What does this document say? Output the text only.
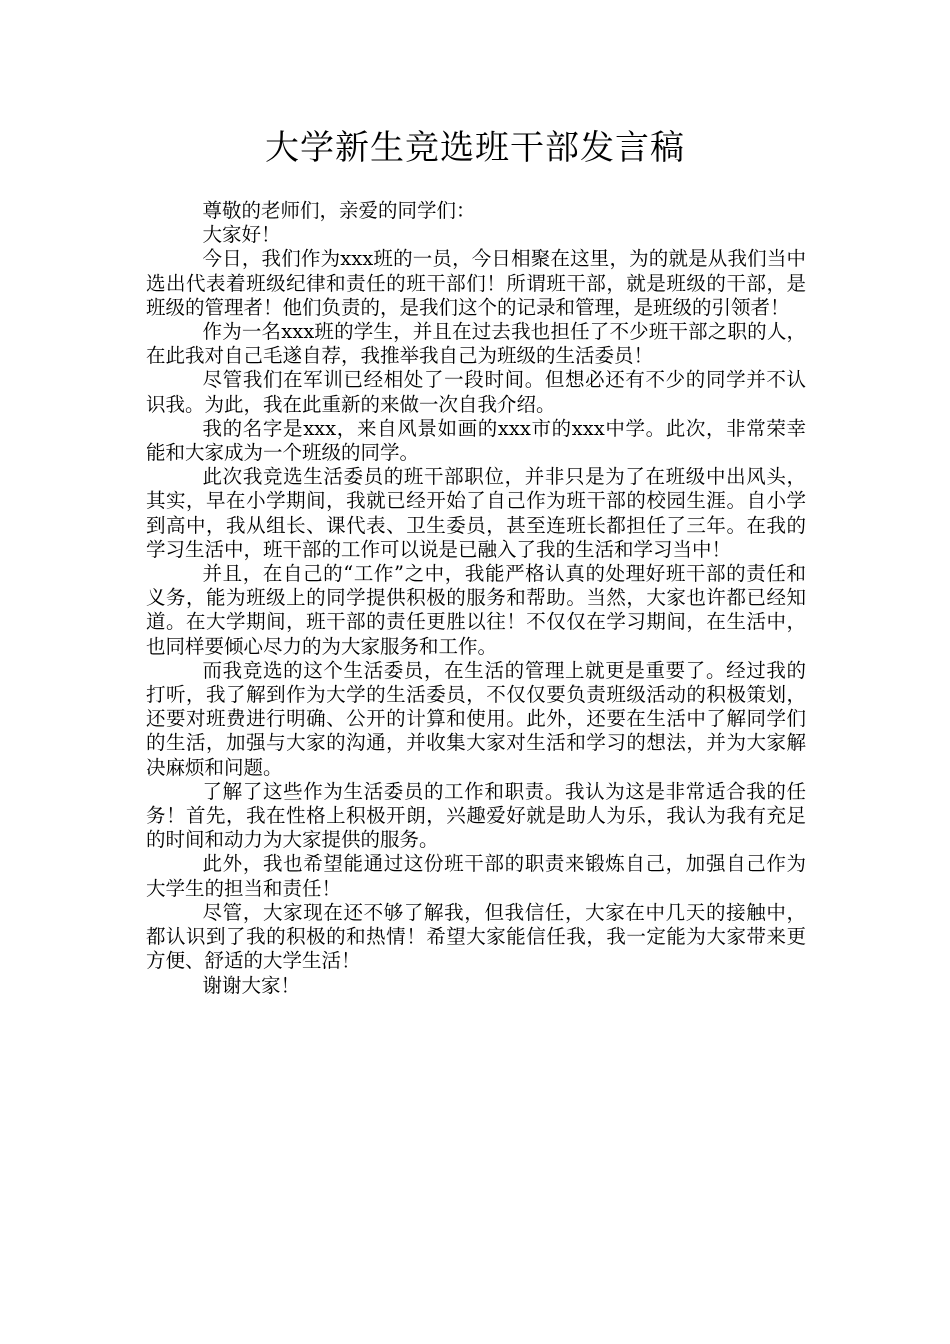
大学新生竞选班干部发言稿

尊敬的老师们，亲爱的同学们：

大家好！

今日，我们作为xxx班的一员，今日相聚在这里，为的就是从我们当中选出代表着班级纪律和责任的班干部们！所谓班干部，就是班级的干部，是班级的管理者！他们负责的，是我们这个的记录和管理，是班级的引领者！

作为一名xxx班的学生，并且在过去我也担任了不少班干部之职的人，在此我对自己毛遂自荐，我推举我自己为班级的生活委员！

尽管我们在军训已经相处了一段时间。但想必还有不少的同学并不认识我。为此，我在此重新的来做一次自我介绍。

我的名字是xxx，来自风景如画的xxx市的xxx中学。此次，非常荣幸能和大家成为一个班级的同学。

此次我竞选生活委员的班干部职位，并非只是为了在班级中出风头，其实，早在小学期间，我就已经开始了自己作为班干部的校园生涯。自小学到高中，我从组长、课代表、卫生委员，甚至连班长都担任了三年。在我的学习生活中，班干部的工作可以说是已融入了我的生活和学习当中！

并且，在自己的“工作”之中，我能严格认真的处理好班干部的责任和义务，能为班级上的同学提供积极的服务和帮助。当然，大家也许都已经知道。在大学期间，班干部的责任更胜以往！不仅仅在学习期间，在生活中，也同样要倾心尽力的为大家服务和工作。

而我竞选的这个生活委员，在生活的管理上就更是重要了。经过我的打听，我了解到作为大学的生活委员，不仅仅要负责班级活动的积极策划，还要对班费进行明确、公开的计算和使用。此外，还要在生活中了解同学们的生活，加强与大家的沟通，并收集大家对生活和学习的想法，并为大家解决麻烦和问题。

了解了这些作为生活委员的工作和职责。我认为这是非常适合我的任务！首先，我在性格上积极开朗，兴趣爱好就是助人为乐，我认为我有充足的时间和动力为大家提供的服务。

此外，我也希望能通过这份班干部的职责来锻炼自己，加强自己作为大学生的担当和责任！

尽管，大家现在还不够了解我，但我信任，大家在中几天的接触中，都认识到了我的积极的和热情！希望大家能信任我，我一定能为大家带来更方便、舒适的大学生活！

谢谢大家！
